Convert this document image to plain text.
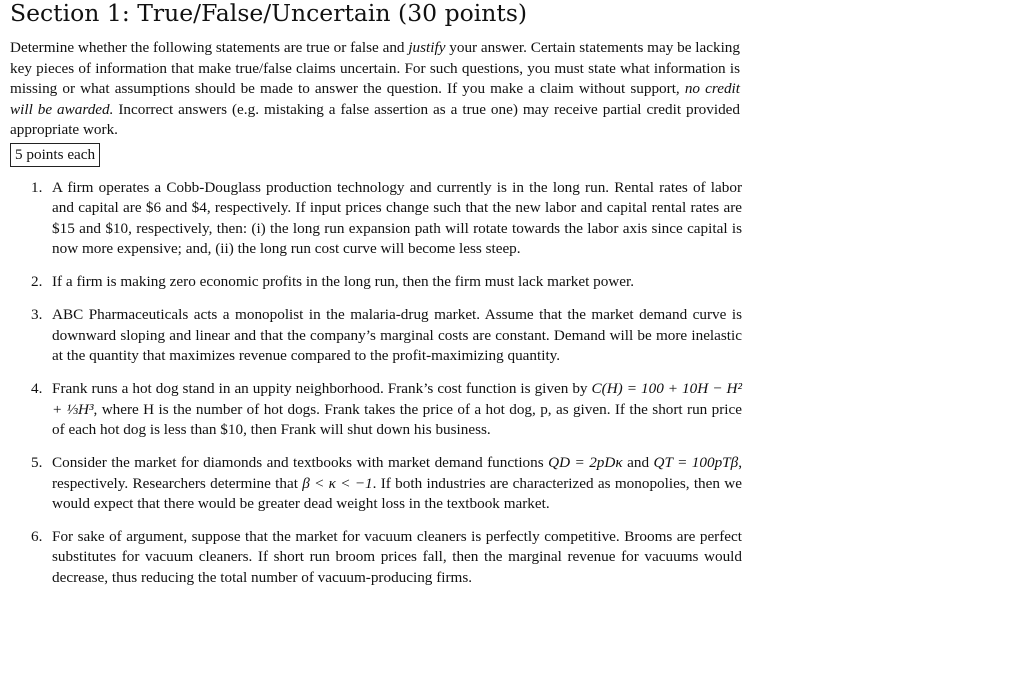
Section 1: True/False/Uncertain (30 points)
Determine whether the following statements are true or false and justify your answer. Certain statements may be lacking key pieces of information that make true/false claims uncertain. For such questions, you must state what information is missing or what assumptions should be made to answer the question. If you make a claim without support, no credit will be awarded. Incorrect answers (e.g. mistaking a false assertion as a true one) may receive partial credit provided appropriate work.
5 points each
1. A firm operates a Cobb-Douglass production technology and currently is in the long run. Rental rates of labor and capital are $6 and $4, respectively. If input prices change such that the new labor and capital rental rates are $15 and $10, respectively, then: (i) the long run expansion path will rotate towards the labor axis since capital is now more expensive; and, (ii) the long run cost curve will become less steep.
2. If a firm is making zero economic profits in the long run, then the firm must lack market power.
3. ABC Pharmaceuticals acts a monopolist in the malaria-drug market. Assume that the market demand curve is downward sloping and linear and that the company’s marginal costs are constant. Demand will be more inelastic at the quantity that maximizes revenue compared to the profit-maximizing quantity.
4. Frank runs a hot dog stand in an uppity neighborhood. Frank’s cost function is given by C(H) = 100 + 10H − H² + ⅓H³, where H is the number of hot dogs. Frank takes the price of a hot dog, p, as given. If the short run price of each hot dog is less than $10, then Frank will shut down his business.
5. Consider the market for diamonds and textbooks with market demand functions QD = 2pDκ and QT = 100pTβ, respectively. Researchers determine that β < κ < −1. If both industries are characterized as monopolies, then we would expect that there would be greater dead weight loss in the textbook market.
6. For sake of argument, suppose that the market for vacuum cleaners is perfectly competitive. Brooms are perfect substitutes for vacuum cleaners. If short run broom prices fall, then the marginal revenue for vacuums would decrease, thus reducing the total number of vacuum-producing firms.
